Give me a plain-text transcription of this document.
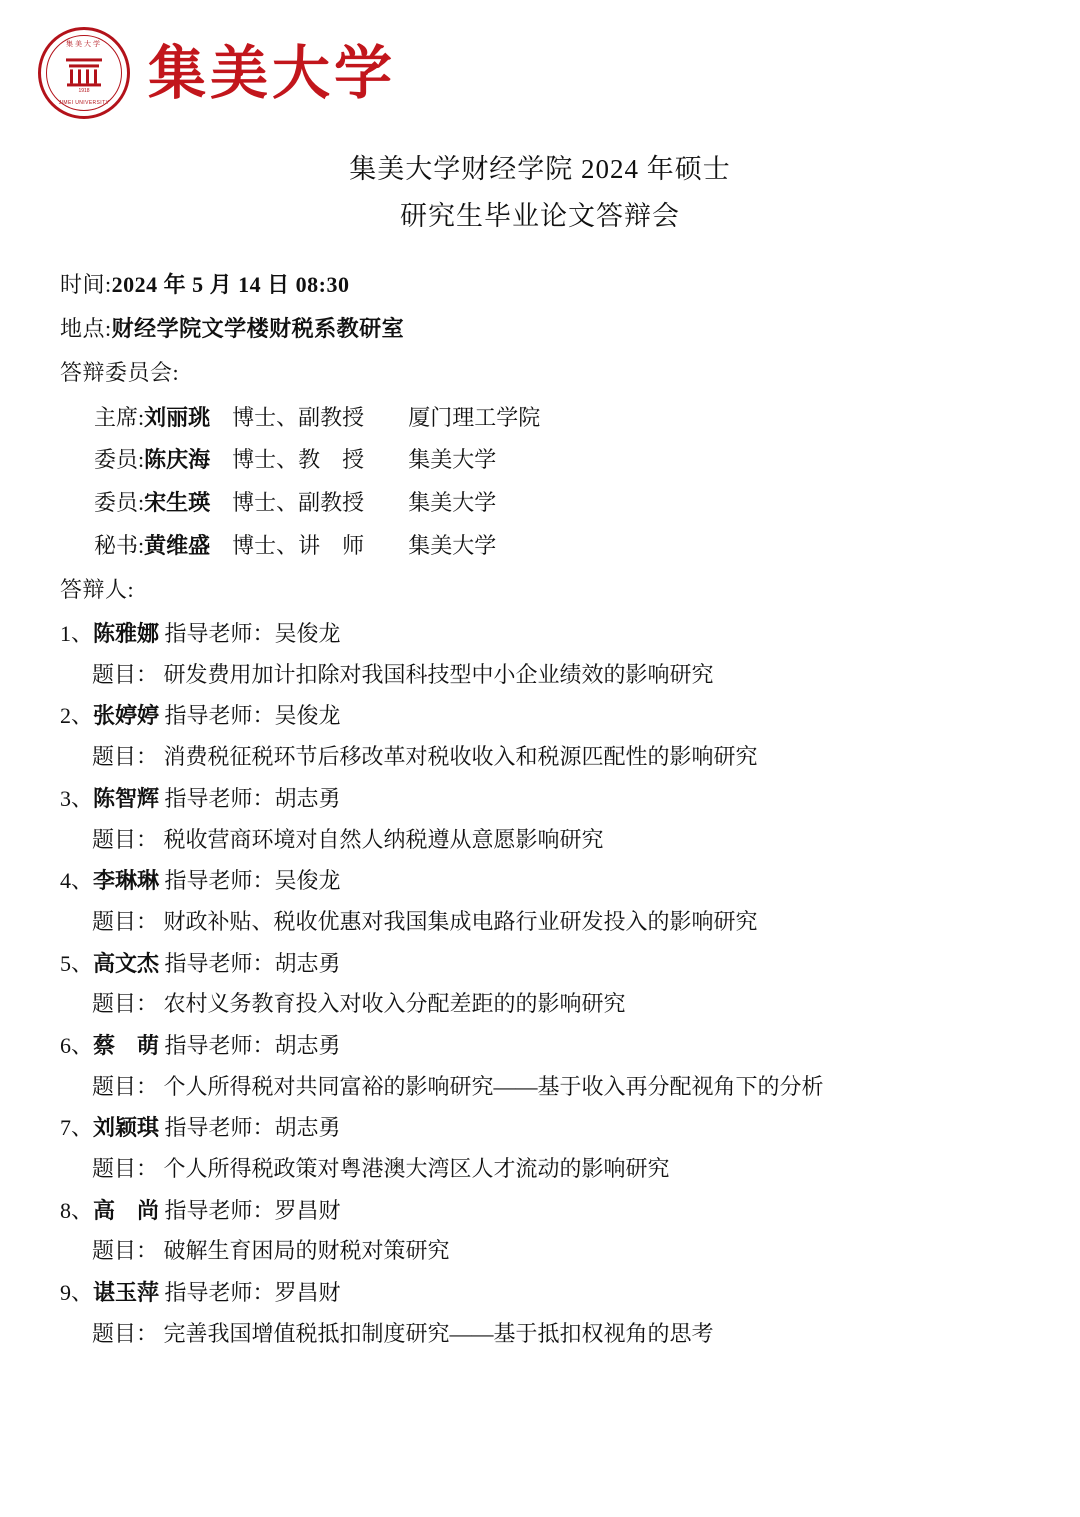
集美大学
1918
JIMEI UNIVERSITY 集美大学
集美大学财经学院 2024 年硕士
研究生毕业论文答辩会
时间:2024 年 5 月 14 日 08:30
地点:财经学院文学楼财税系教研室
答辩委员会:
主席:刘丽珧　 博士、副教授　　 厦门理工学院
委员:陈庆海　 博士、教　授　　 集美大学
委员:宋生瑛　 博士、副教授　　 集美大学
秘书:黄维盛　 博士、讲　师　　 集美大学
答辩人:
1、陈雅娜 指导老师：吴俊龙
题目： 研发费用加计扣除对我国科技型中小企业绩效的影响研究
2、张婷婷 指导老师：吴俊龙
题目： 消费税征税环节后移改革对税收收入和税源匹配性的影响研究
3、陈智辉 指导老师：胡志勇
题目： 税收营商环境对自然人纳税遵从意愿影响研究
4、李琳琳 指导老师：吴俊龙
题目： 财政补贴、税收优惠对我国集成电路行业研发投入的影响研究
5、高文杰 指导老师：胡志勇
题目： 农村义务教育投入对收入分配差距的的影响研究
6、蔡　萌 指导老师：胡志勇
题目： 个人所得税对共同富裕的影响研究——基于收入再分配视角下的分析
7、刘颖琪 指导老师：胡志勇
题目： 个人所得税政策对粤港澳大湾区人才流动的影响研究
8、高　尚 指导老师：罗昌财
题目： 破解生育困局的财税对策研究
9、谌玉萍 指导老师：罗昌财
题目： 完善我国增值税抵扣制度研究——基于抵扣权视角的思考
